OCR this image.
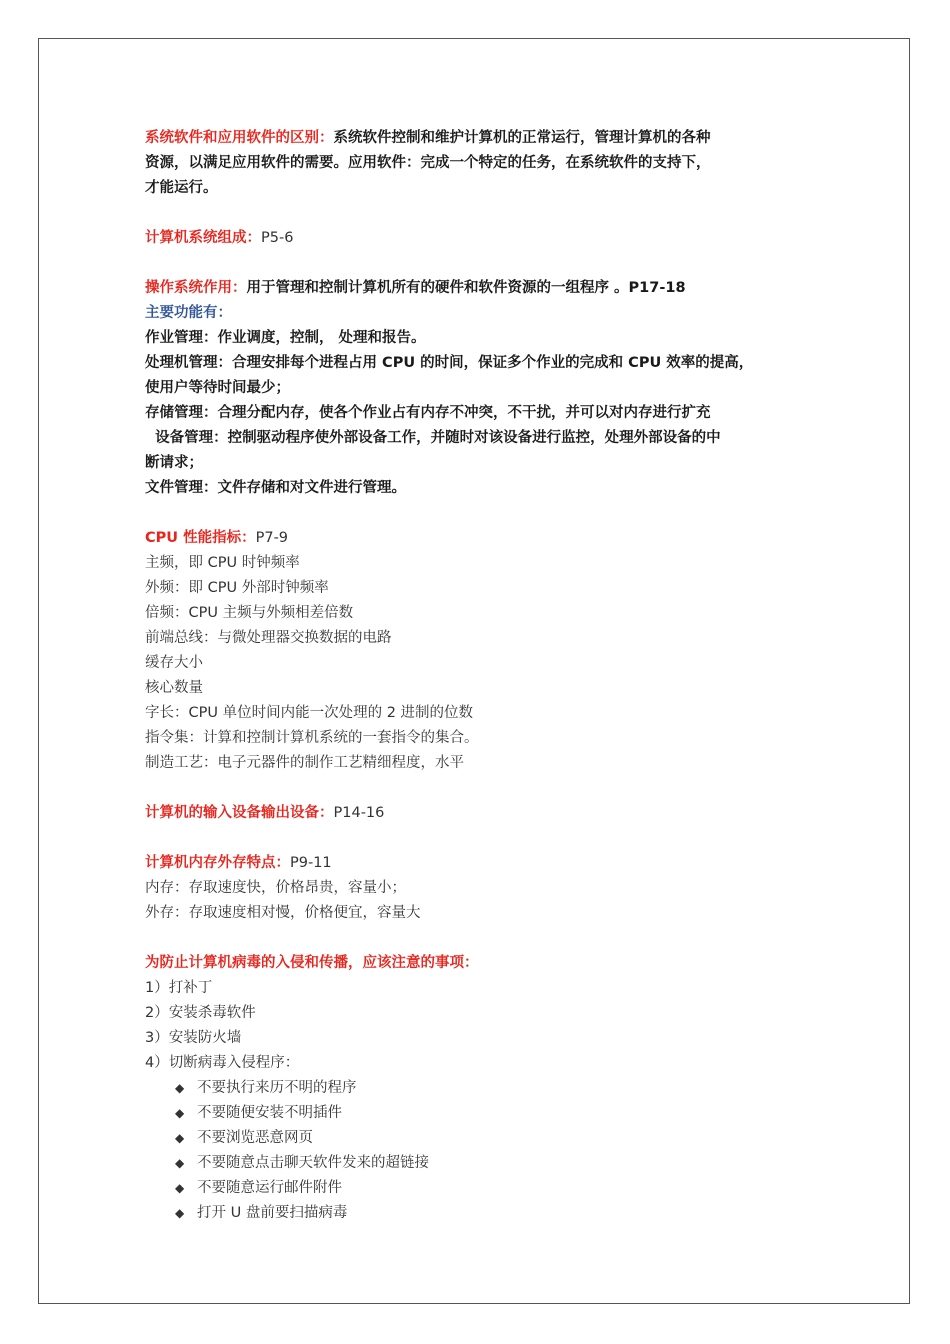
系统软件和应用软件的区别：系统软件控制和维护计算机的正常运行，管理计算机的各种
资源，以满足应用软件的需要。应用软件：完成一个特定的任务，在系统软件的支持下，
才能运行。
计算机系统组成：P5-6
操作系统作用：用于管理和控制计算机所有的硬件和软件资源的一组程序 。P17-18
主要功能有：
作业管理：作业调度，控制， 处理和报告。
处理机管理：合理安排每个进程占用 CPU 的时间，保证多个作业的完成和 CPU 效率的提高，
使用户等待时间最少；
存储管理：合理分配内存，使各个作业占有内存不冲突，不干扰，并可以对内存进行扩充
设备管理：控制驱动程序使外部设备工作，并随时对该设备进行监控，处理外部设备的中
断请求；
文件管理：文件存储和对文件进行管理。
CPU 性能指标：P7-9
主频，即 CPU 时钟频率
外频：即 CPU 外部时钟频率
倍频：CPU 主频与外频相差倍数
前端总线：与微处理器交换数据的电路
缓存大小
核心数量
字长：CPU 单位时间内能一次处理的 2 进制的位数
指令集：计算和控制计算机系统的一套指令的集合。
制造工艺：电子元器件的制作工艺精细程度，水平
计算机的输入设备输出设备：P14-16
计算机内存外存特点：P9-11
内存：存取速度快，价格昂贵，容量小；
外存：存取速度相对慢，价格便宜，容量大
为防止计算机病毒的入侵和传播，应该注意的事项：
1）打补丁
2）安装杀毒软件
3）安装防火墙
4）切断病毒入侵程序：
◆ 不要执行来历不明的程序
◆ 不要随便安装不明插件
◆ 不要浏览恶意网页
◆ 不要随意点击聊天软件发来的超链接
◆ 不要随意运行邮件附件
◆ 打开 U 盘前要扫描病毒
